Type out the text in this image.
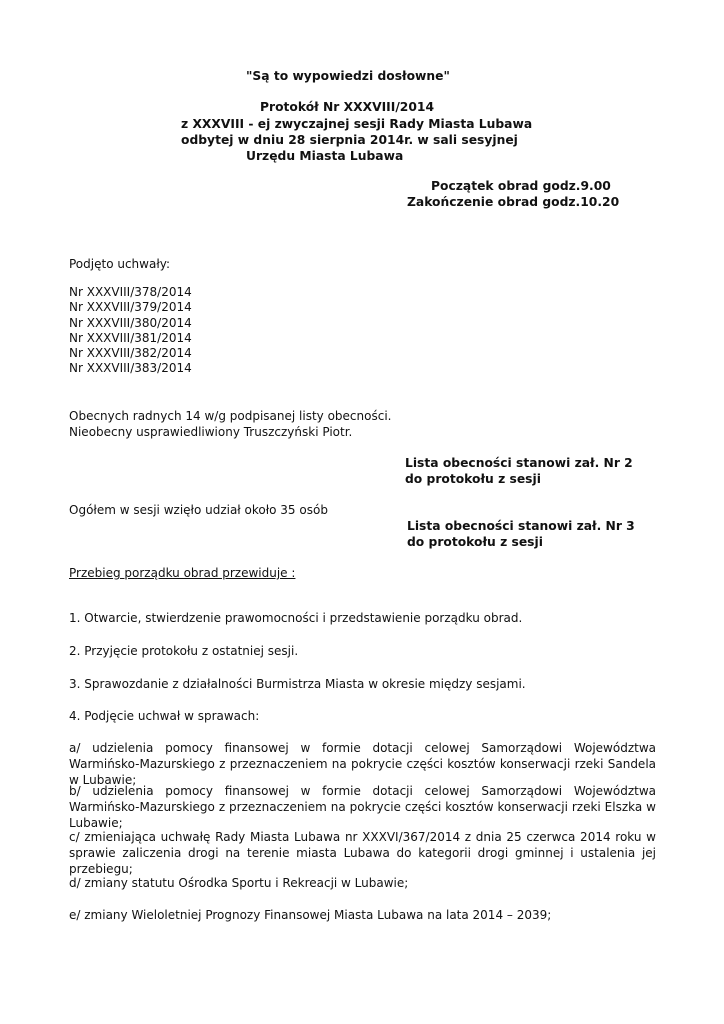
"Są to wypowiedzi dosłowne"
Protokół Nr XXXVIII/2014
z XXXVIII - ej zwyczajnej sesji Rady Miasta Lubawa
odbytej w dniu 28 sierpnia 2014r. w sali sesyjnej
Urzędu Miasta Lubawa
Początek obrad godz.9.00
Zakończenie obrad godz.10.20
Podjęto uchwały:
Nr XXXVIII/378/2014
Nr XXXVIII/379/2014
Nr XXXVIII/380/2014
Nr XXXVIII/381/2014
Nr XXXVIII/382/2014
Nr XXXVIII/383/2014
Obecnych radnych 14 w/g podpisanej listy obecności.
Nieobecny usprawiedliwiony Truszczyński Piotr.
Lista obecności stanowi zał. Nr 2
do protokołu z sesji
Ogółem w sesji wzięło udział około 35 osób
Lista obecności stanowi zał. Nr 3
do protokołu z sesji
Przebieg porządku obrad przewiduje :
1. Otwarcie, stwierdzenie prawomocności i przedstawienie porządku obrad.
2. Przyjęcie protokołu z ostatniej sesji.
3. Sprawozdanie z działalności Burmistrza Miasta w okresie między sesjami.
4. Podjęcie uchwał w sprawach:
a/ udzielenia pomocy finansowej w formie dotacji celowej Samorządowi Województwa Warmińsko-Mazurskiego z przeznaczeniem na pokrycie części kosztów konserwacji rzeki Sandela w Lubawie;
b/ udzielenia pomocy finansowej w formie dotacji celowej Samorządowi Województwa Warmińsko-Mazurskiego z przeznaczeniem na pokrycie części kosztów konserwacji rzeki Elszka w Lubawie;
c/ zmieniająca uchwałę Rady Miasta Lubawa nr XXXVI/367/2014 z dnia 25 czerwca 2014 roku w sprawie zaliczenia drogi na terenie miasta Lubawa do kategorii drogi gminnej i ustalenia jej przebiegu;
d/ zmiany statutu Ośrodka Sportu i Rekreacji w Lubawie;
e/ zmiany Wieloletniej Prognozy Finansowej Miasta Lubawa na lata 2014 – 2039;
